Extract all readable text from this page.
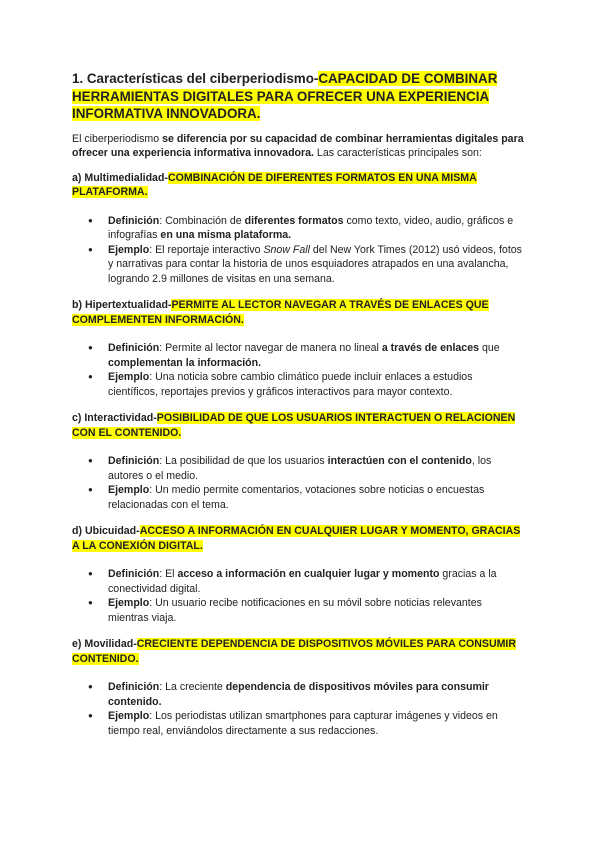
1. Características del ciberperiodismo-CAPACIDAD DE COMBINAR HERRAMIENTAS DIGITALES PARA OFRECER UNA EXPERIENCIA INFORMATIVA INNOVADORA.

El ciberperiodismo se diferencia por su capacidad de combinar herramientas digitales para ofrecer una experiencia informativa innovadora. Las características principales son:

a) Multimedialidad-COMBINACIÓN DE DIFERENTES FORMATOS EN UNA MISMA PLATAFORMA.
● Definición: Combinación de diferentes formatos como texto, video, audio, gráficos e infografías en una misma plataforma.
● Ejemplo: El reportaje interactivo Snow Fall del New York Times (2012) usó videos, fotos y narrativas para contar la historia de unos esquiadores atrapados en una avalancha, logrando 2.9 millones de visitas en una semana.
b) Hipertextualidad-PERMITE AL LECTOR NAVEGAR A TRAVÉS DE ENLACES QUE COMPLEMENTEN INFORMACIÓN.
● Definición: Permite al lector navegar de manera no lineal a través de enlaces que complementan la información.
● Ejemplo: Una noticia sobre cambio climático puede incluir enlaces a estudios científicos, reportajes previos y gráficos interactivos para mayor contexto.
c) Interactividad-POSIBILIDAD DE QUE LOS USUARIOS INTERACTUEN O RELACIONEN CON EL CONTENIDO.
● Definición: La posibilidad de que los usuarios interactúen con el contenido, los autores o el medio.
● Ejemplo: Un medio permite comentarios, votaciones sobre noticias o encuestas relacionadas con el tema.
d) Ubicuidad-ACCESO A INFORMACIÓN EN CUALQUIER LUGAR Y MOMENTO, GRACIAS A LA CONEXIÓN DIGITAL.
● Definición: El acceso a información en cualquier lugar y momento gracias a la conectividad digital.
● Ejemplo: Un usuario recibe notificaciones en su móvil sobre noticias relevantes mientras viaja.
e) Movilidad-CRECIENTE DEPENDENCIA DE DISPOSITIVOS MÓVILES PARA CONSUMIR CONTENIDO.
● Definición: La creciente dependencia de dispositivos móviles para consumir contenido.
● Ejemplo: Los periodistas utilizan smartphones para capturar imágenes y videos en tiempo real, enviándolos directamente a sus redacciones.
